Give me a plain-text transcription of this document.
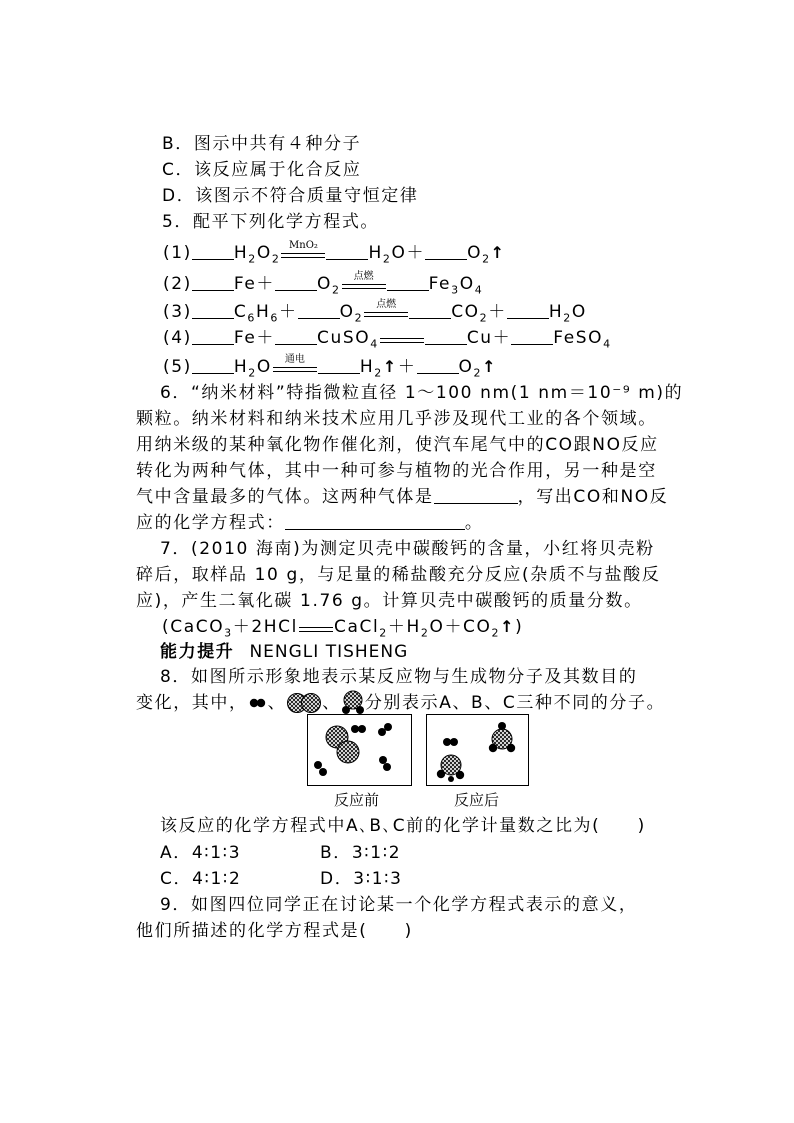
B．图示中共有４种分子
C．该反应属于化合反应
D．该图示不符合质量守恒定律
5．配平下列化学方程式。
(1) $H_2O_2$
MnO₂	$H_2O+$ $O_2↑$
(2) $Fe+ O_2$
点燃	$Fe_3O_4$
(3) $C_6H_6+ O_2$
点燃	$CO_2+ H_2O$
(4) Fe＋ CuSO$_4$	Cu＋ FeSO$_4$
(5) $H_2O$	通电	$H_2↑+$ $O_2↑$
6．“纳米材料”特指微粒直径 1～100 nm(1 nm＝10⁻⁹ m)的
颗粒。纳米材料和纳米技术应用几乎涉及现代工业的各个领域。
用纳米级的某种氧化物作催化剂，使汽车尾气中的CO跟NO反应
转化为两种气体，其中一种可参与植物的光合作用，另一种是空
气中含量最多的气体。这两种气体是	，写出CO和NO反
应的化学方程式：	。
7．(2010 海南)为测定贝壳中碳酸钙的含量，小红将贝壳粉
碎后，取样品 10 g，与足量的稀盐酸充分反应(杂质不与盐酸反
应)，产生二氧化碳 1.76 g。计算贝壳中碳酸钙的质量分数。
(CaCO$_3$＋2HCl $CaCl_2+H_2O+CO_2↑$)
能力提升 NENGLI TISHENG
8．如图所示形象地表示某反应物与生成物分子及其数目的
变化，其中， 、 、 分别表示A、B、C三种不同的分子。
反应前	反应后
该反应的化学方程式中A､B､C前的化学计量数之比为(　　)
A．4∶1∶3	B．3∶1∶2
C．4∶1∶2	D．3∶1∶3
9．如图四位同学正在讨论某一个化学方程式表示的意义，
他们所描述的化学方程式是(　　)
